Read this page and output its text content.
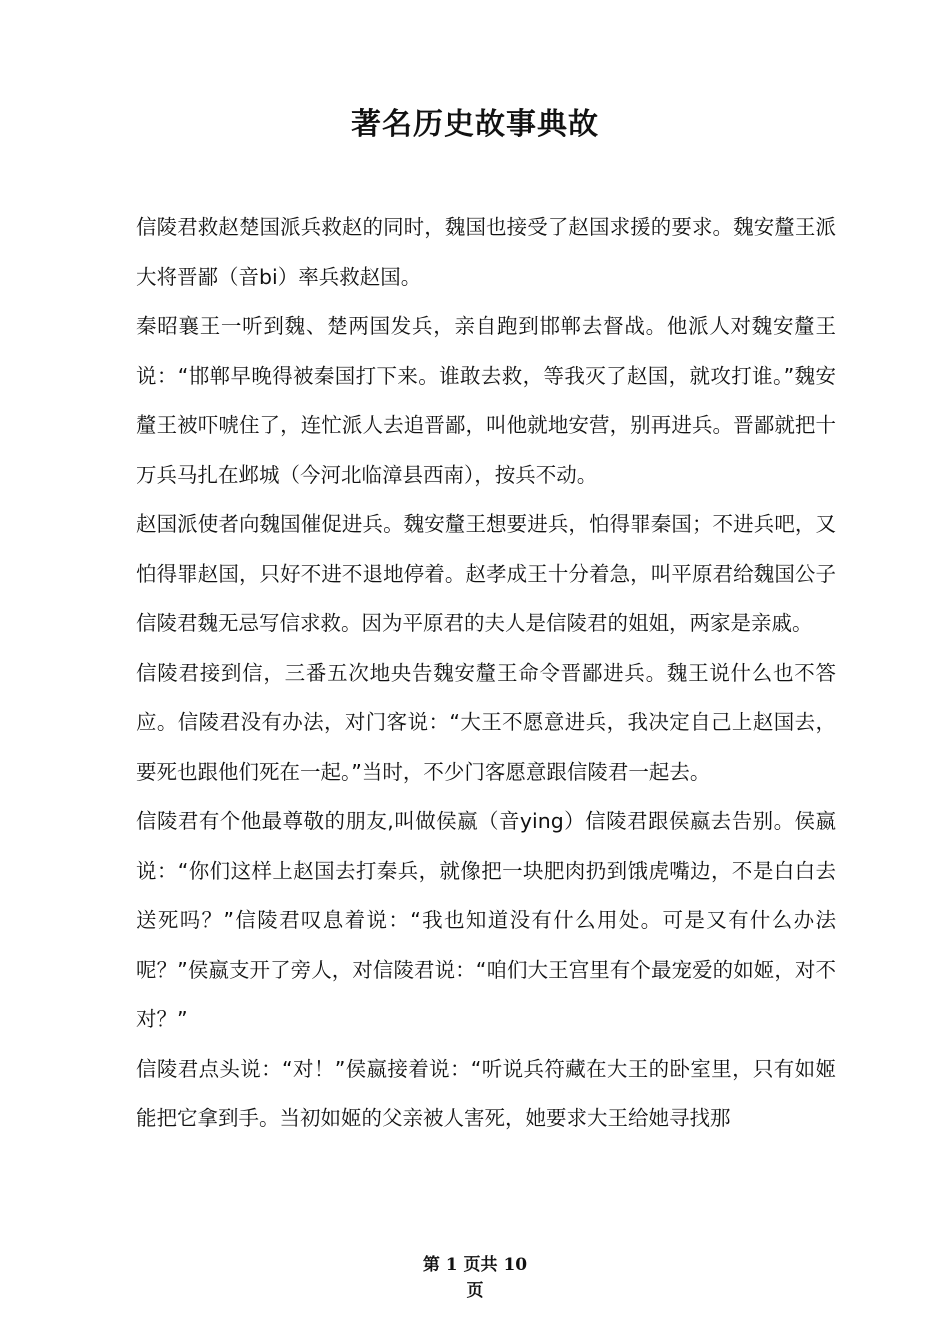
著名历史故事典故

信陵君救赵楚国派兵救赵的同时，魏国也接受了赵国求援的要求。魏安釐王派大将晋鄙（音bi）率兵救赵国。

秦昭襄王一听到魏、楚两国发兵，亲自跑到邯郸去督战。他派人对魏安釐王说：“邯郸早晚得被秦国打下来。谁敢去救，等我灭了赵国，就攻打谁。”魏安釐王被吓唬住了，连忙派人去追晋鄙，叫他就地安营，别再进兵。晋鄙就把十万兵马扎在邺城（今河北临漳县西南），按兵不动。

赵国派使者向魏国催促进兵。魏安釐王想要进兵，怕得罪秦国；不进兵吧，又怕得罪赵国，只好不进不退地停着。赵孝成王十分着急，叫平原君给魏国公子信陵君魏无忌写信求救。因为平原君的夫人是信陵君的姐姐，两家是亲戚。

信陵君接到信，三番五次地央告魏安釐王命令晋鄙进兵。魏王说什么也不答应。信陵君没有办法，对门客说：“大王不愿意进兵，我决定自己上赵国去，要死也跟他们死在一起。”当时，不少门客愿意跟信陵君一起去。

信陵君有个他最尊敬的朋友,叫做侯嬴（音ying）信陵君跟侯嬴去告别。侯嬴说：“你们这样上赵国去打秦兵，就像把一块肥肉扔到饿虎嘴边，不是白白去送死吗？”信陵君叹息着说：“我也知道没有什么用处。可是又有什么办法呢？”侯嬴支开了旁人，对信陵君说：“咱们大王宫里有个最宠爱的如姬，对不对？”

信陵君点头说：“对！”侯嬴接着说：“听说兵符藏在大王的卧室里，只有如姬能把它拿到手。当初如姬的父亲被人害死，她要求大王给她寻找那

第 1 页共 10
页
